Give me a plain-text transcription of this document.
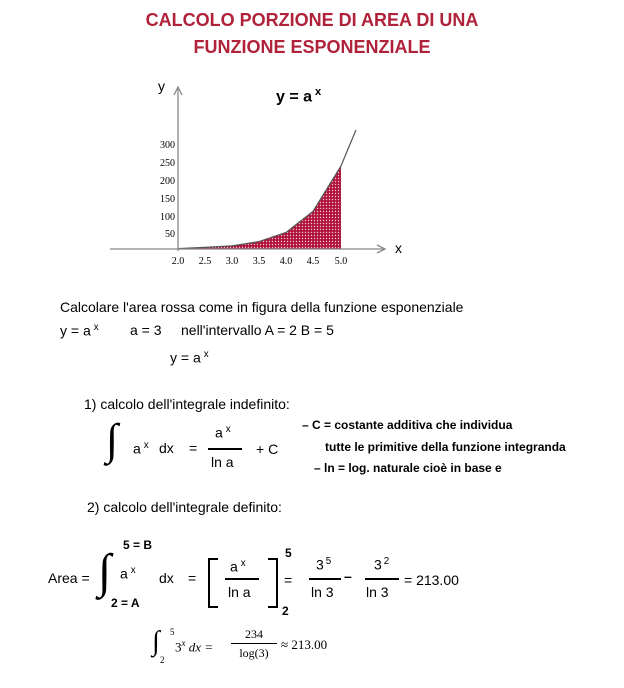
CALCOLO PORZIONE DI AREA DI UNA
FUNZIONE ESPONENZIALE
300
250
200
150
100
50
2.0 2.5 3.0 3.5 4.0 4.5 5.0
y
x
y = a $^x$
Calcolare l'area rossa come in figura della funzione esponenziale
y = a $^x$ a = 3 nell'intervallo A = 2 B = 5
y = a $^x$
1) calcolo dell'integrale indefinito:
∫ a $^x$ dx =
a $^x$
ln a
+ C
– C = costante additiva che individua
tutte le primitive della funzione integranda
– ln = log. naturale cioè in base e
2) calcolo dell'integrale definito:
5 = B
Area = ∫ a $^x$ dx =
2 = A
a $^x$
ln a
5
2
=
3 $^5$
ln 3
–
3 $^2$
ln 3
= 213.00
∫ 5
2
3$^x$ dx =
234
log(3)
≈ 213.00
